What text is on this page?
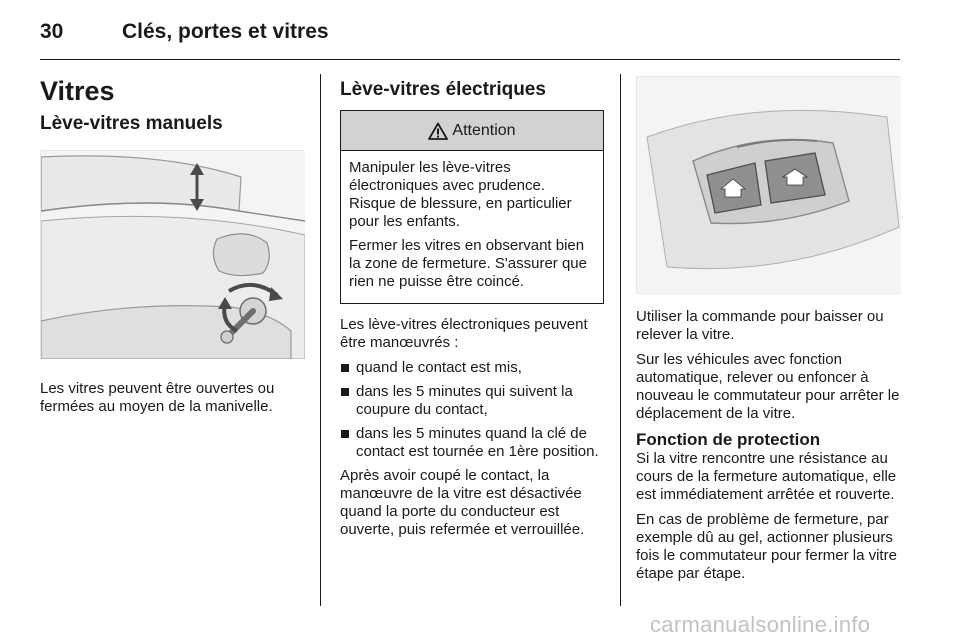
30	Clés, portes et vitres
Vitres
Lève-vitres manuels

Les vitres peuvent être ouvertes ou fermées au moyen de la manivelle.

Lève-vitres électriques
Attention

Manipuler les lève-vitres électroniques avec prudence. Risque de blessure, en particulier pour les enfants.

Fermer les vitres en observant bien la zone de fermeture. S'assurer que rien ne puisse être coincé.

Les lève-vitres électroniques peuvent être manœuvrés :

quand le contact est mis,
dans les 5 minutes qui suivent la coupure du contact,
dans les 5 minutes quand la clé de contact est tournée en 1ère position.

Après avoir coupé le contact, la manœuvre de la vitre est désactivée quand la porte du conducteur est ouverte, puis refermée et verrouillée.

Utiliser la commande pour baisser ou relever la vitre.

Sur les véhicules avec fonction automatique, relever ou enfoncer à nouveau le commutateur pour arrêter le déplacement de la vitre.

Fonction de protection

Si la vitre rencontre une résistance au cours de la fermeture automatique, elle est immédiatement arrêtée et rouverte.

En cas de problème de fermeture, par exemple dû au gel, actionner plusieurs fois le commutateur pour fermer la vitre étape par étape.

carmanualsonline.info
